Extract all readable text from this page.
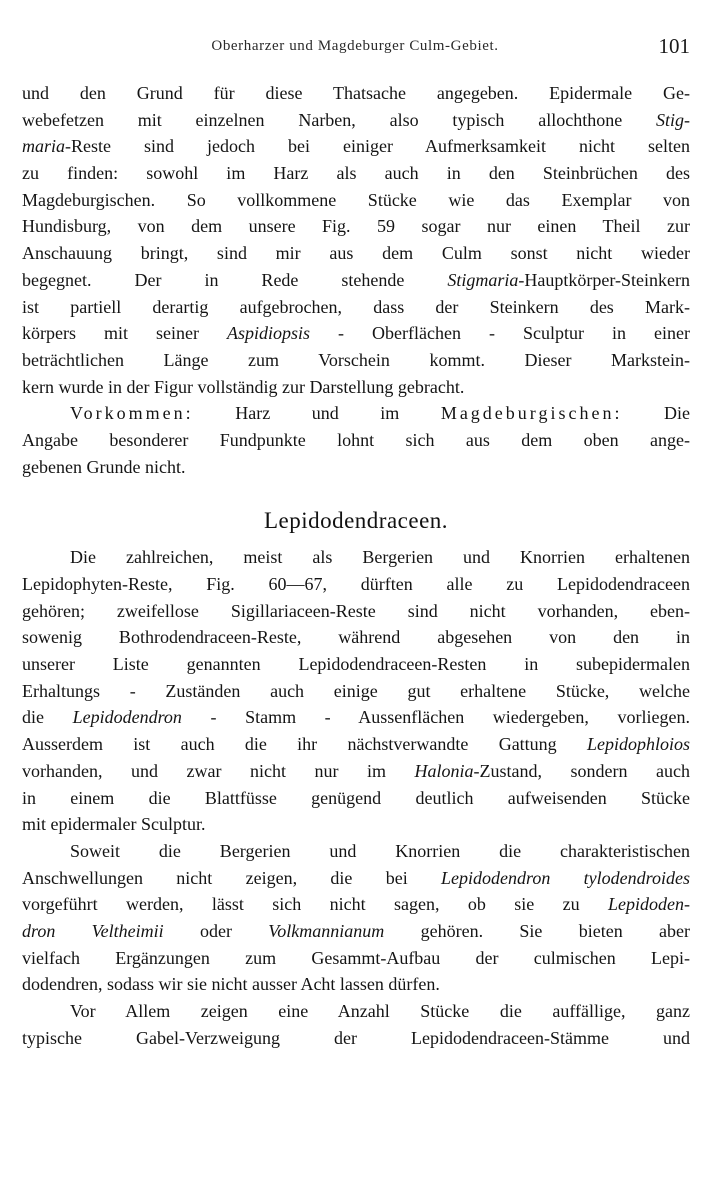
Oberharzer und Magdeburger Culm-Gebiet.	101
und den Grund für diese Thatsache angegeben. Epidermale Ge-
webefetzen mit einzelnen Narben, also typisch allochthone Stig-
maria-Reste sind jedoch bei einiger Aufmerksamkeit nicht selten
zu finden: sowohl im Harz als auch in den Steinbrüchen des
Magdeburgischen. So vollkommene Stücke wie das Exemplar von
Hundisburg, von dem unsere Fig. 59 sogar nur einen Theil zur
Anschauung bringt, sind mir aus dem Culm sonst nicht wieder
begegnet. Der in Rede stehende Stigmaria-Hauptkörper-Steinkern
ist partiell derartig aufgebrochen, dass der Steinkern des Mark-
körpers mit seiner Aspidiopsis - Oberflächen - Sculptur in einer
beträchtlichen Länge zum Vorschein kommt. Dieser Markstein-
kern wurde in der Figur vollständig zur Darstellung gebracht.
Vorkommen: Harz und im Magdeburgischen: Die
Angabe besonderer Fundpunkte lohnt sich aus dem oben ange-
gebenen Grunde nicht.
Lepidodendraceen.
Die zahlreichen, meist als Bergerien und Knorrien erhaltenen
Lepidophyten-Reste, Fig. 60—67, dürften alle zu Lepidodendraceen
gehören; zweifellose Sigillariaceen-Reste sind nicht vorhanden, eben-
sowenig Bothrodendraceen-Reste, während abgesehen von den in
unserer Liste genannten Lepidodendraceen-Resten in subepidermalen
Erhaltungs - Zuständen auch einige gut erhaltene Stücke, welche
die Lepidodendron - Stamm - Aussenflächen wiedergeben, vorliegen.
Ausserdem ist auch die ihr nächstverwandte Gattung Lepidophloios
vorhanden, und zwar nicht nur im Halonia-Zustand, sondern auch
in einem die Blattfüsse genügend deutlich aufweisenden Stücke
mit epidermaler Sculptur.
Soweit die Bergerien und Knorrien die charakteristischen
Anschwellungen nicht zeigen, die bei Lepidodendron tylodendroides
vorgeführt werden, lässt sich nicht sagen, ob sie zu Lepidoden-
dron Veltheimii oder Volkmannianum gehören. Sie bieten aber
vielfach Ergänzungen zum Gesammt-Aufbau der culmischen Lepi-
dodendren, sodass wir sie nicht ausser Acht lassen dürfen.
Vor Allem zeigen eine Anzahl Stücke die auffällige, ganz
typische Gabel-Verzweigung der Lepidodendraceen-Stämme und
